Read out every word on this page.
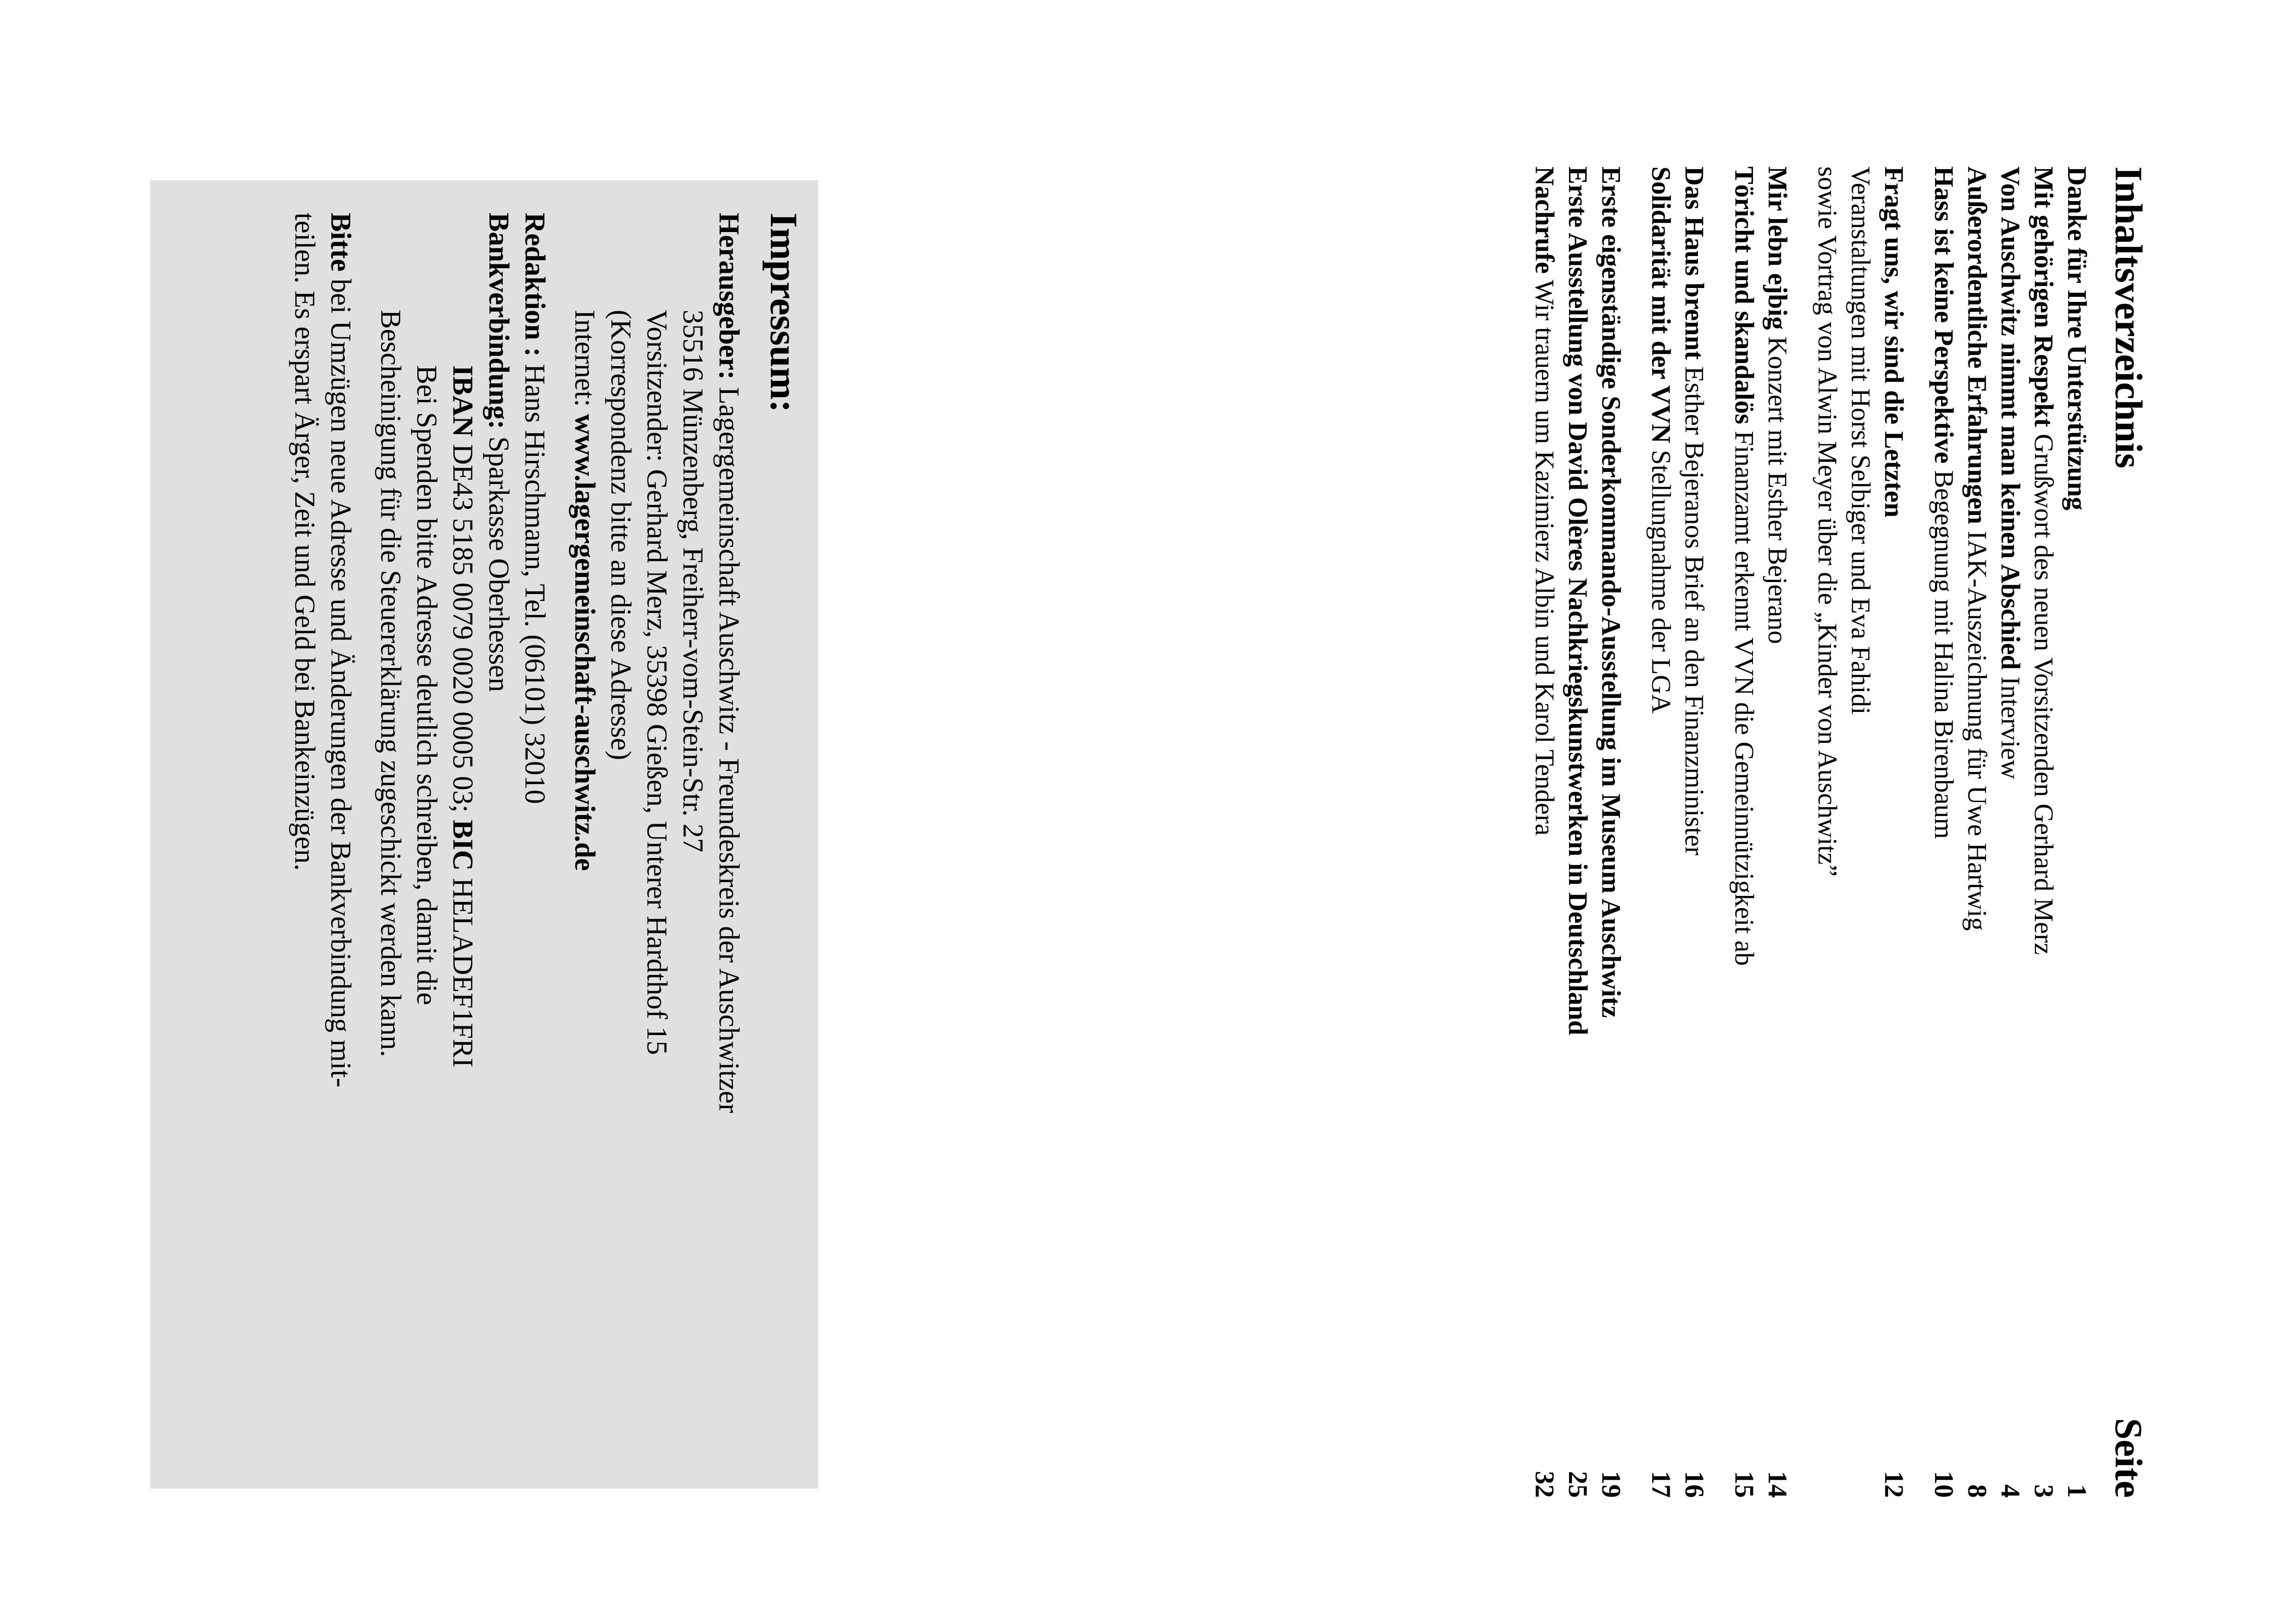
Inhaltsverzeichnis
Seite
Danke für Ihre Unterstützung
1
Mit gehörigen Respekt Grußwort des neuen Vorsitzenden Gerhard Merz
3
Von Auschwitz nimmt man keinen Abschied Interview
4
Außerordentliche Erfahrungen IAK-Auszeichnung für Uwe Hartwig
8
Hass ist keine Perspektive Begegnung mit Halina Birenbaum
10
Fragt uns, wir sind die Letzten
12
Veranstaltungen mit Horst Selbiger und Eva Fahidi
sowie Vortrag von Alwin Meyer über die „Kinder von Auschwitz”
Mir lebn ejbig Konzert mit Esther Bejerano
14
Töricht und skandalös Finanzamt erkennt VVN die Gemeinnützigkeit ab
15
Das Haus brennt Esther Bejeranos Brief an den Finanzminister
16
Solidarität mit der VVN Stellungnahme der LGA
17
Erste eigenständige Sonderkommando-Ausstellung im Museum Auschwitz
19
Erste Ausstellung von David Olères Nachkriegskunstwerken in Deutschland
25
Nachrufe Wir trauern um Kazimierz Albin und Karol Tendera
32
Impressum:
Herausgeber: Lagergemeinschaft Auschwitz - Freundeskreis der Auschwitzer
35516 Münzenberg, Freiherr-vom-Stein-Str. 27
Vorsitzender: Gerhard Merz, 35398 Gießen, Unterer Hardthof 15
(Korrespondenz bitte an diese Adresse)
Internet: www.lagergemeinschaft-auschwitz.de
Redaktion : Hans Hirschmann, Tel. (06101) 32010
Bankverbindung: Sparkasse Oberhessen
IBAN DE43 5185 0079 0020 0005 03; BIC HELADEF1FRI
Bei Spenden bitte Adresse deutlich schreiben, damit die
Bescheinigung für die Steuererklärung zugeschickt werden kann.
Bitte bei Umzügen neue Adresse und Änderungen der Bankverbindung mit-
teilen. Es erspart Ärger, Zeit und Geld bei Bankeinzügen.
